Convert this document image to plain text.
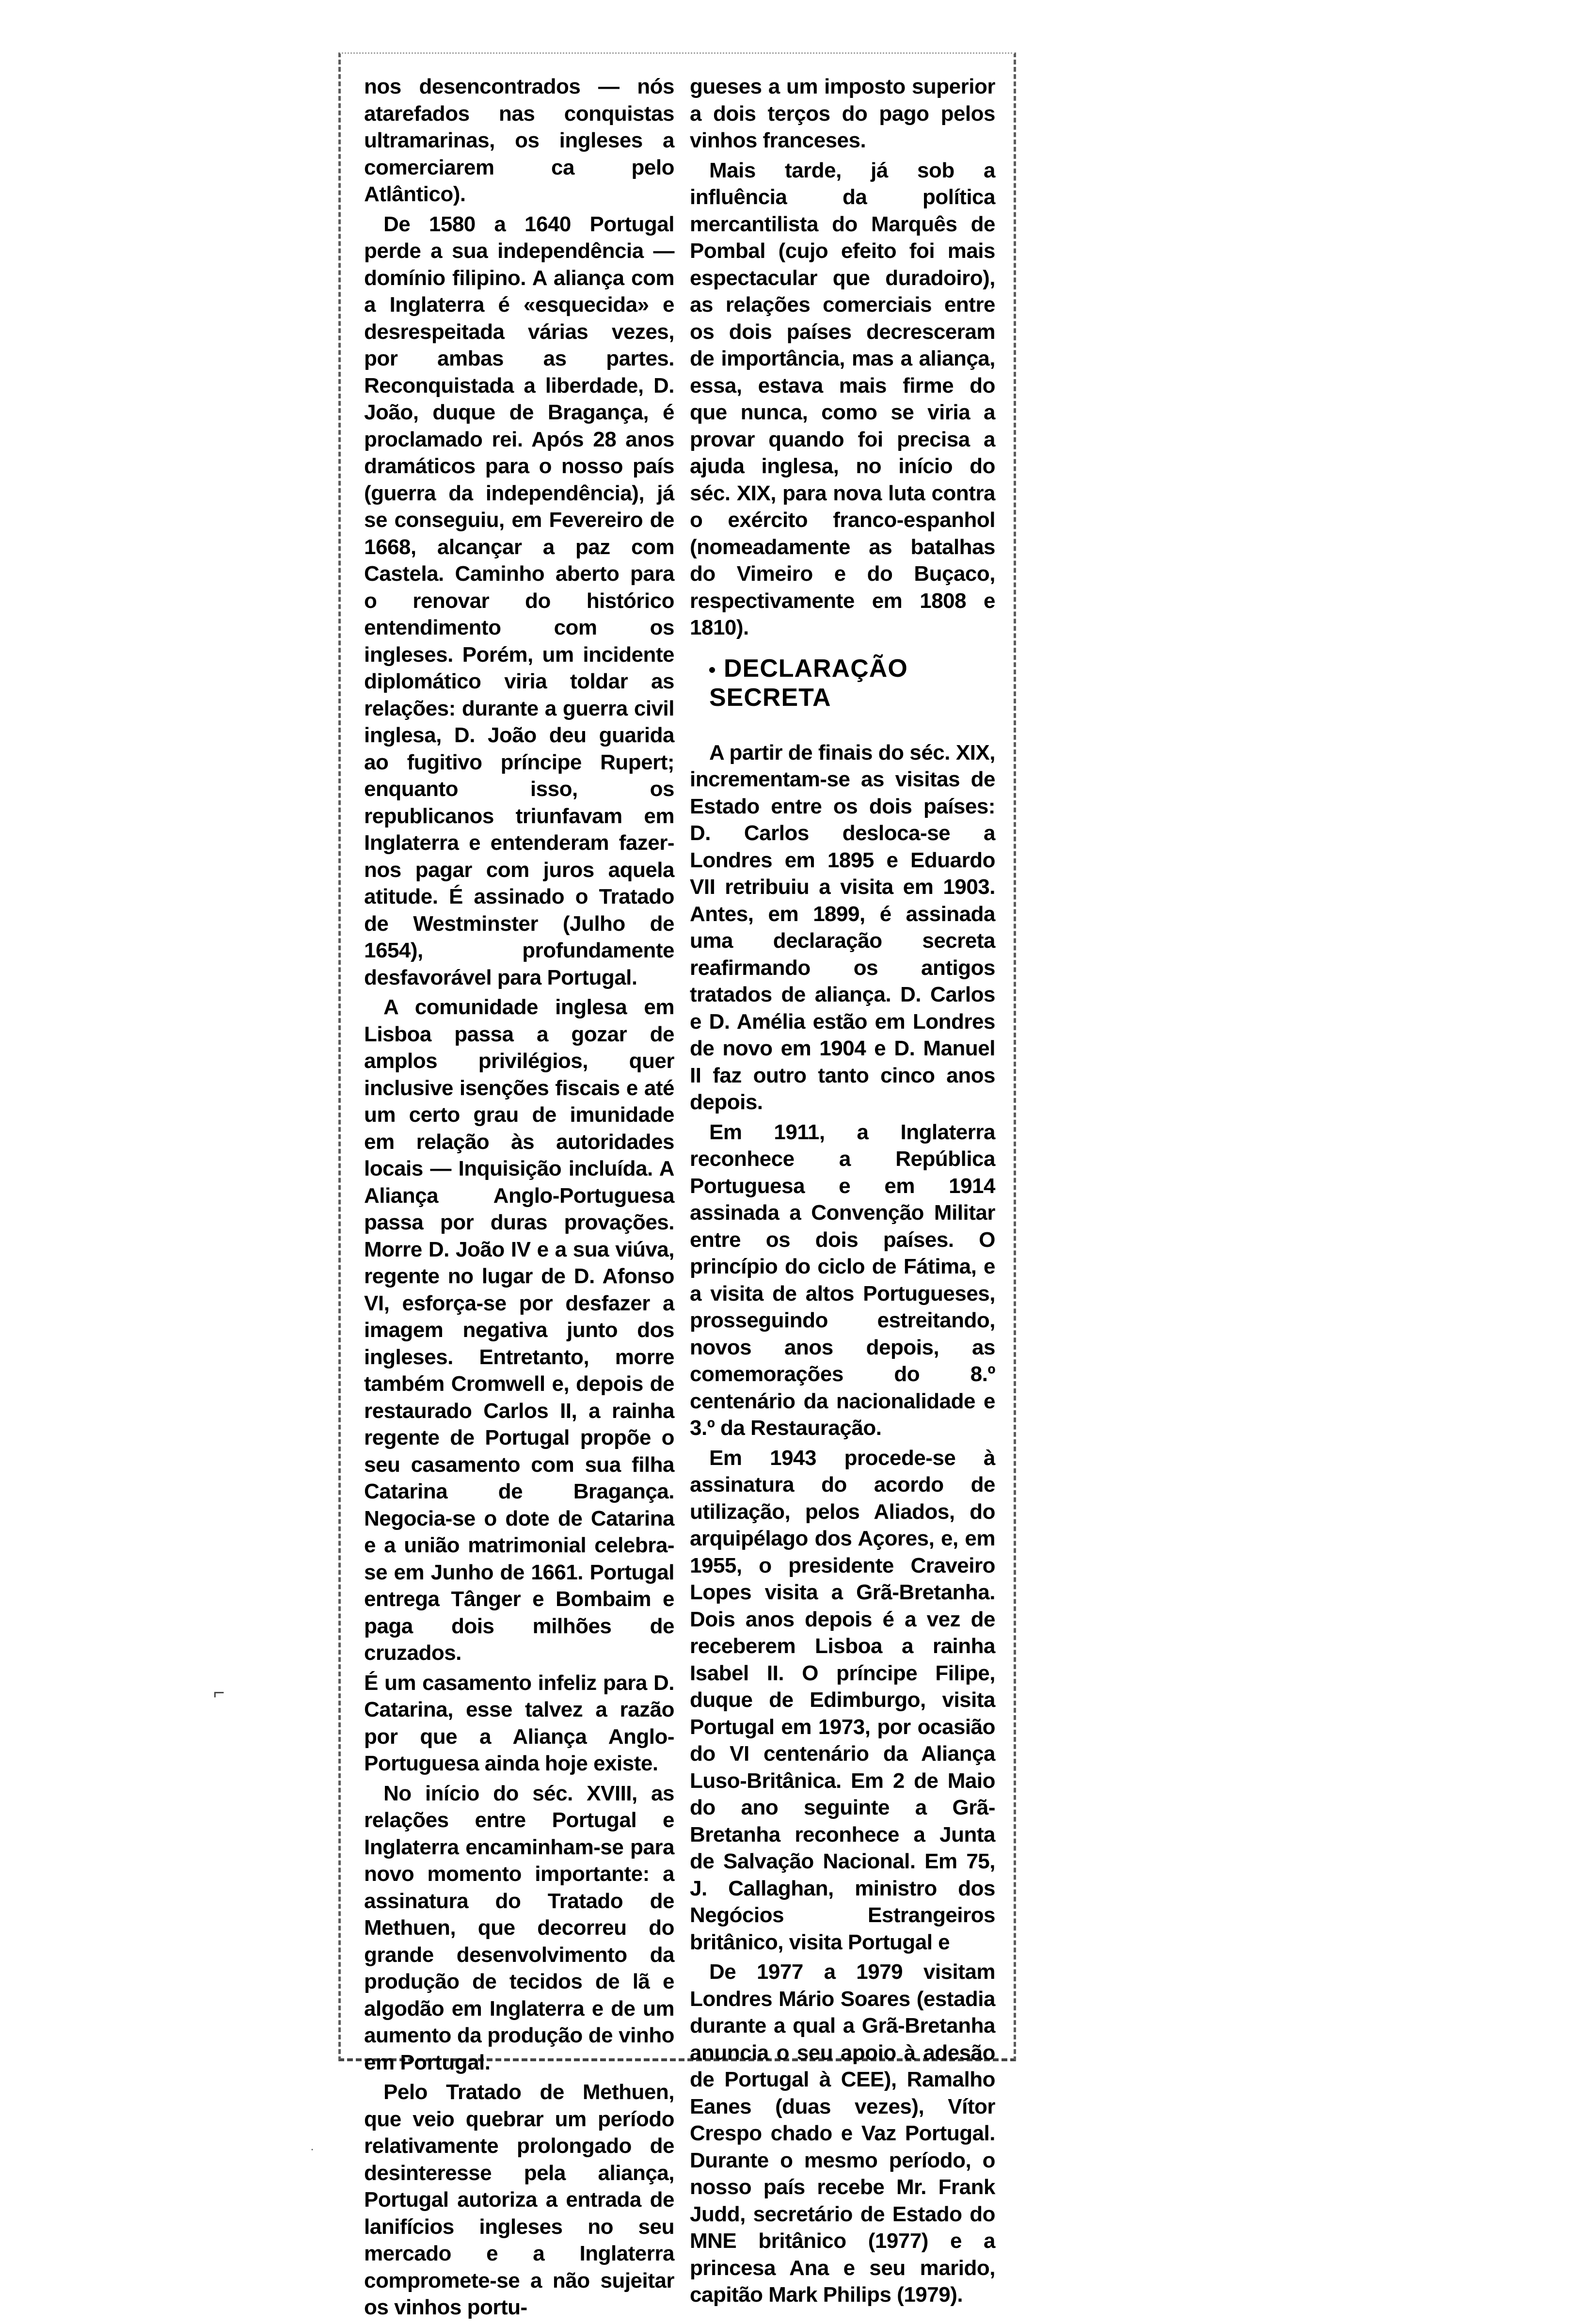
nos desencontrados — nós atarefados nas conquistas ultramarinas, os ingleses a comerciarem ca pelo Atlântico).

De 1580 a 1640 Portugal perde a sua independência — domínio filipino. A aliança com a Inglaterra é «esquecida» e desrespeitada várias vezes, por ambas as partes. Reconquistada a liberdade, D. João, duque de Bragança, é proclamado rei. Após 28 anos dramáticos para o nosso país (guerra da independência), já se conseguiu, em Fevereiro de 1668, alcançar a paz com Castela. Caminho aberto para o renovar do histórico entendimento com os ingleses. Porém, um incidente diplomático viria toldar as relações: durante a guerra civil inglesa, D. João deu guarida ao fugitivo príncipe Rupert; enquanto isso, os republicanos triunfavam em Inglaterra e entenderam fazer-nos pagar com juros aquela atitude. É assinado o Tratado de Westminster (Julho de 1654), profundamente desfavorável para Portugal.

A comunidade inglesa em Lisboa passa a gozar de amplos privilégios, quer inclusive isenções fiscais e até um certo grau de imunidade em relação às autoridades locais — Inquisição incluída. A Aliança Anglo-Portuguesa passa por duras provações. Morre D. João IV e a sua viúva, regente no lugar de D. Afonso VI, esforça-se por desfazer a imagem negativa junto dos ingleses. Entretanto, morre também Cromwell e, depois de restaurado Carlos II, a rainha regente de Portugal propõe o seu casamento com sua filha Catarina de Bragança. Negocia-se o dote de Catarina e a união matrimonial celebra-se em Junho de 1661. Portugal entrega Tânger e Bombaim e paga dois milhões de cruzados.

É um casamento infeliz para D. Catarina, esse talvez a razão por que a Aliança Anglo-Portuguesa ainda hoje existe.

No início do séc. XVIII, as relações entre Portugal e Inglaterra encaminham-se para novo momento importante: a assinatura do Tratado de Methuen, que decorreu do grande desenvolvimento da produção de tecidos de lã e algodão em Inglaterra e de um aumento da produção de vinho em Portugal.

Pelo Tratado de Methuen, que veio quebrar um período relativamente prolongado de desinteresse pela aliança, Portugal autoriza a entrada de lanifícios ingleses no seu mercado e a Inglaterra compromete-se a não sujeitar os vinhos portu-

gueses a um imposto superior a dois terços do pago pelos vinhos franceses.

Mais tarde, já sob a influência da política mercantilista do Marquês de Pombal (cujo efeito foi mais espectacular que duradoiro), as relações comerciais entre os dois países decresceram de importância, mas a aliança, essa, estava mais firme do que nunca, como se viria a provar quando foi precisa a ajuda inglesa, no início do séc. XIX, para nova luta contra o exército franco-espanhol (nomeadamente as batalhas do Vimeiro e do Buçaco, respectivamente em 1808 e 1810).

DECLARAÇÃO SECRETA

A partir de finais do séc. XIX, incrementam-se as visitas de Estado entre os dois países: D. Carlos desloca-se a Londres em 1895 e Eduardo VII retribuiu a visita em 1903. Antes, em 1899, é assinada uma declaração secreta reafirmando os antigos tratados de aliança. D. Carlos e D. Amélia estão em Londres de novo em 1904 e D. Manuel II faz outro tanto cinco anos depois.

Em 1911, a Inglaterra reconhece a República Portuguesa e em 1914 assinada a Convenção Militar entre os dois países. O princípio do ciclo de Fátima, e a visita de altos Portugueses, prosseguindo estreitando, novos anos depois, as comemorações do 8.º centenário da nacionalidade e 3.º da Restauração.

Em 1943 procede-se à assinatura do acordo de utilização, pelos Aliados, do arquipélago dos Açores, e, em 1955, o presidente Craveiro Lopes visita a Grã-Bretanha. Dois anos depois é a vez de receberem Lisboa a rainha Isabel II. O príncipe Filipe, duque de Edimburgo, visita Portugal em 1973, por ocasião do VI centenário da Aliança Luso-Britânica. Em 2 de Maio do ano seguinte a Grã-Bretanha reconhece a Junta de Salvação Nacional. Em 75, J. Callaghan, ministro dos Negócios Estrangeiros britânico, visita Portugal e

De 1977 a 1979 visitam Londres Mário Soares (estadia durante a qual a Grã-Bretanha anuncia o seu apoio à adesão de Portugal à CEE), Ramalho Eanes (duas vezes), Vítor Crespo chado e Vaz Portugal. Durante o mesmo período, o nosso país recebe Mr. Frank Judd, secretário de Estado do MNE britânico (1977) e a princesa Ana e seu marido, capitão Mark Philips (1979).

⌐
·
